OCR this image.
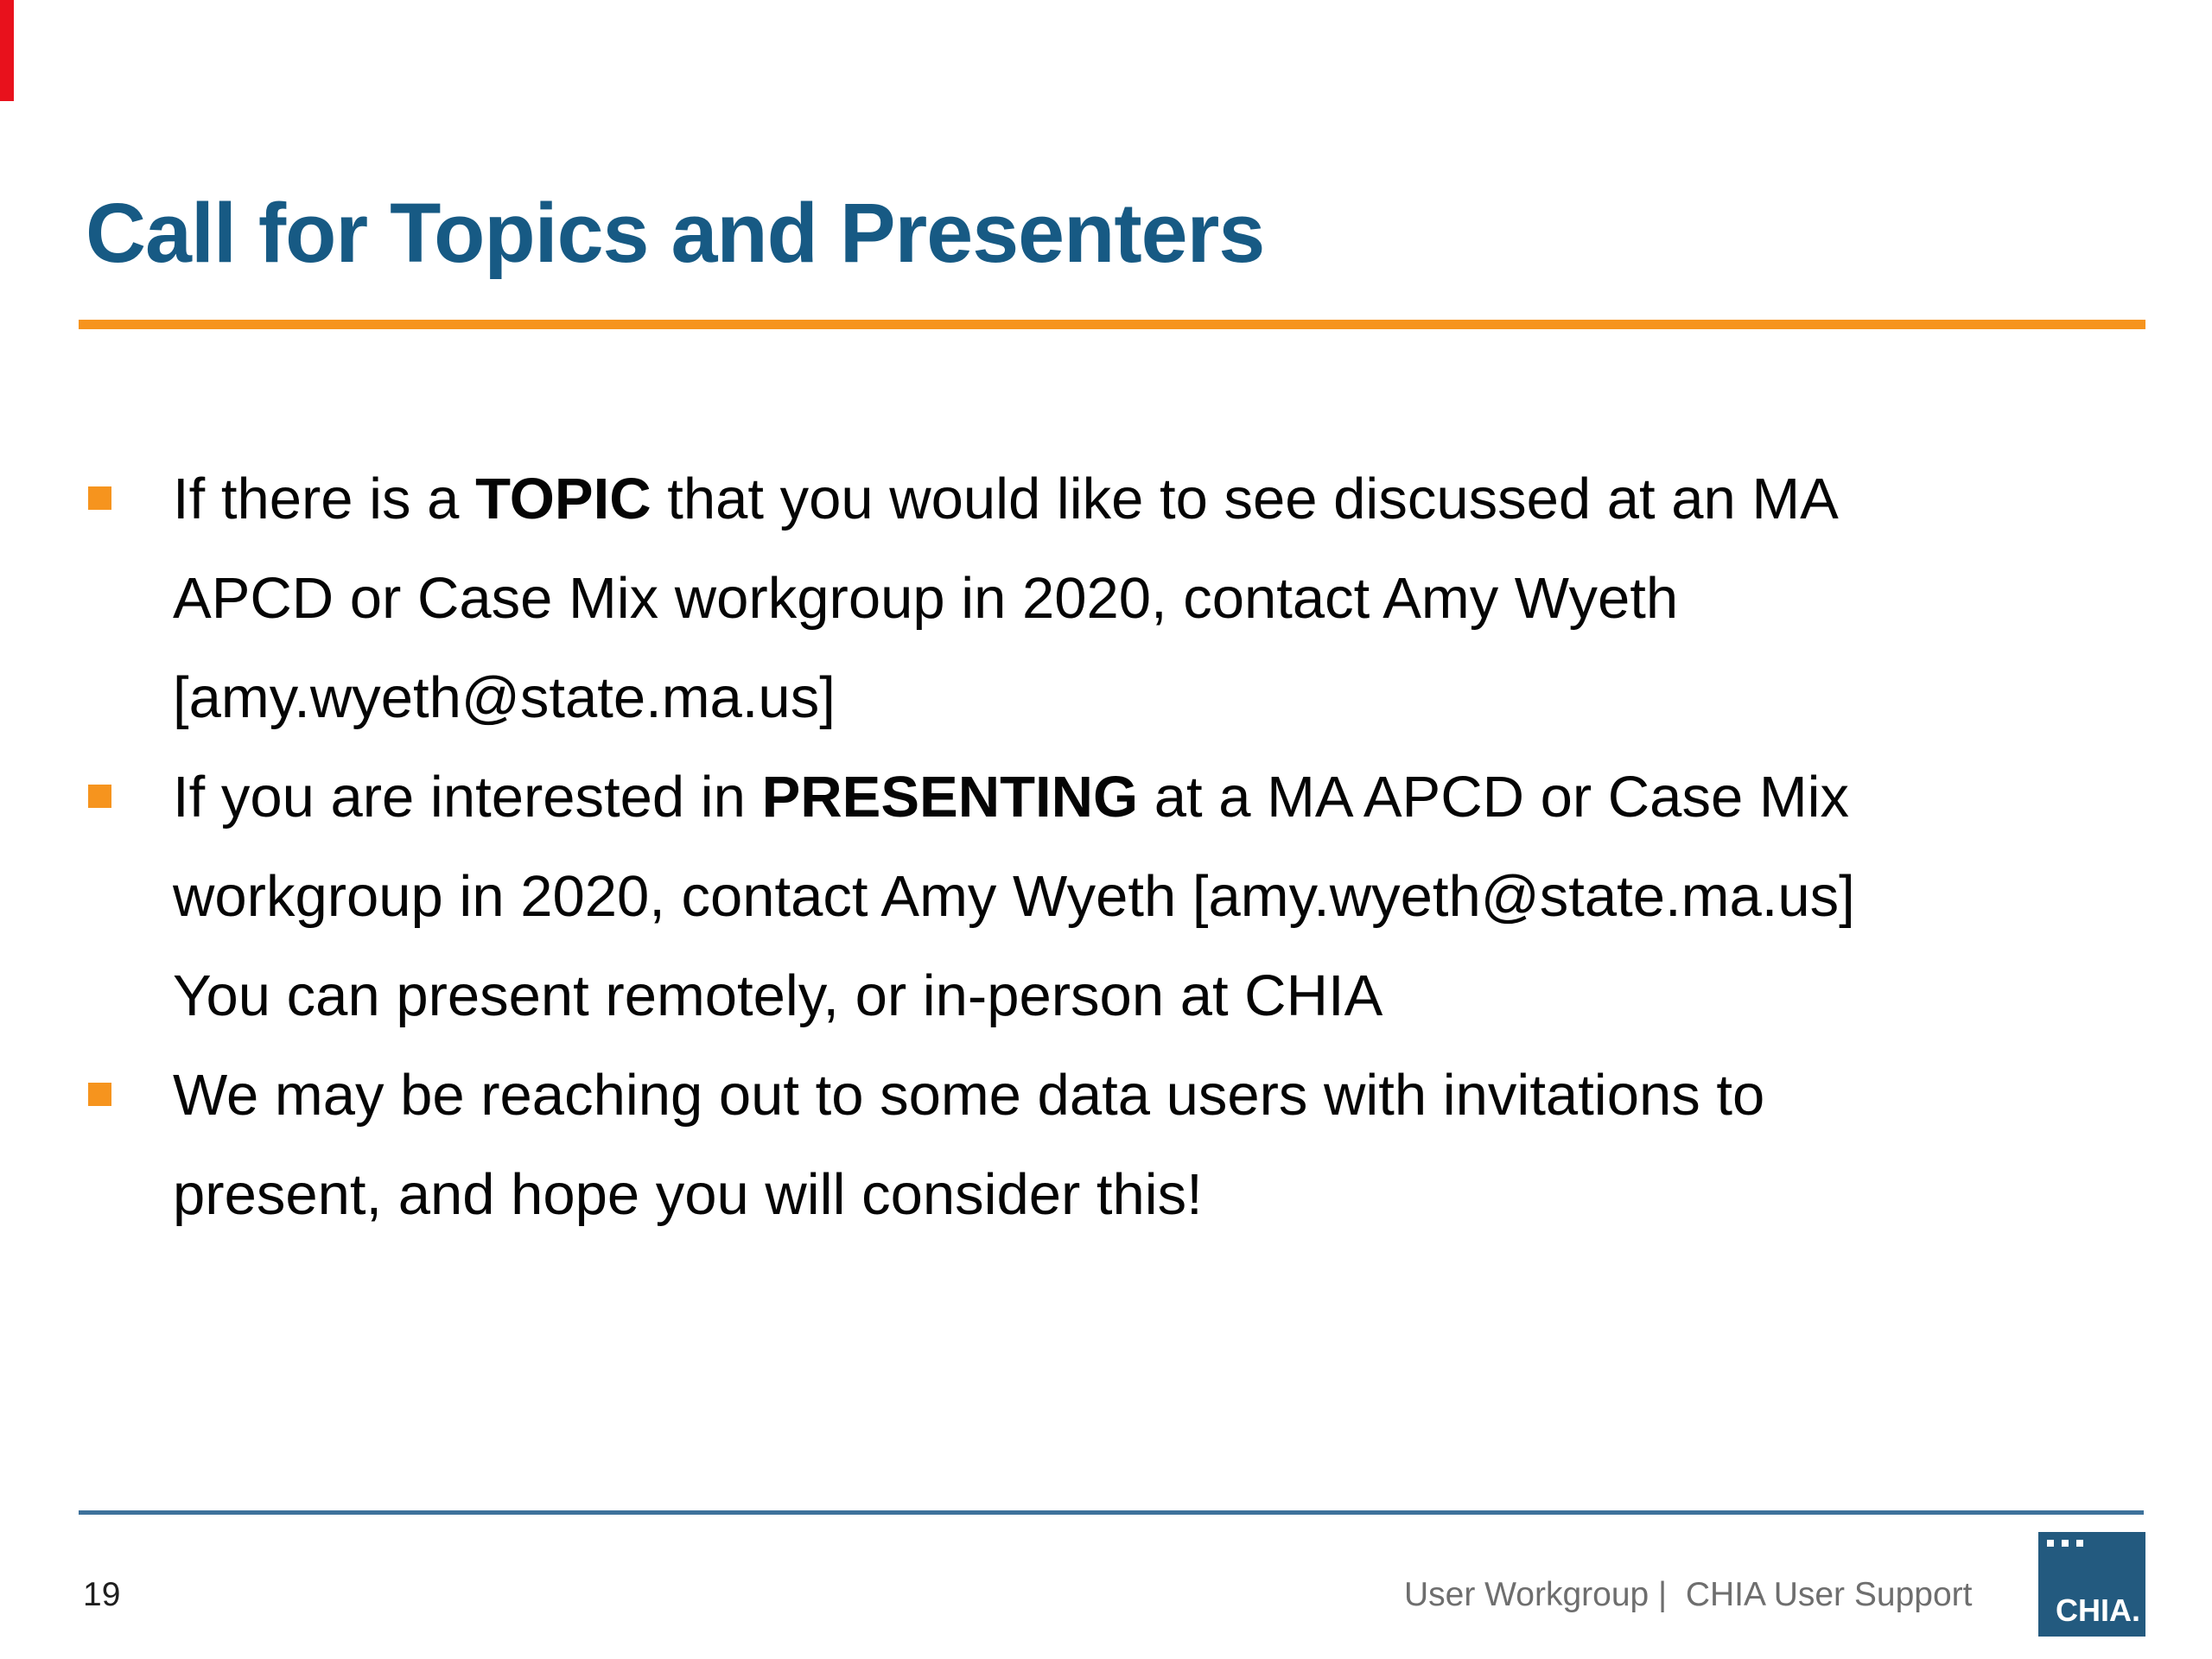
Call for Topics and Presenters
If there is a TOPIC that you would like to see discussed at an MA
APCD or Case Mix workgroup in 2020, contact Amy Wyeth
[amy.wyeth@state.ma.us]
If you are interested in PRESENTING at a MA APCD or Case Mix
workgroup in 2020, contact Amy Wyeth [amy.wyeth@state.ma.us]
You can present remotely, or in-person at CHIA
We may be reaching out to some data users with invitations to
present, and hope you will consider this!
19	User Workgroup |  CHIA User Support	CHIA.
